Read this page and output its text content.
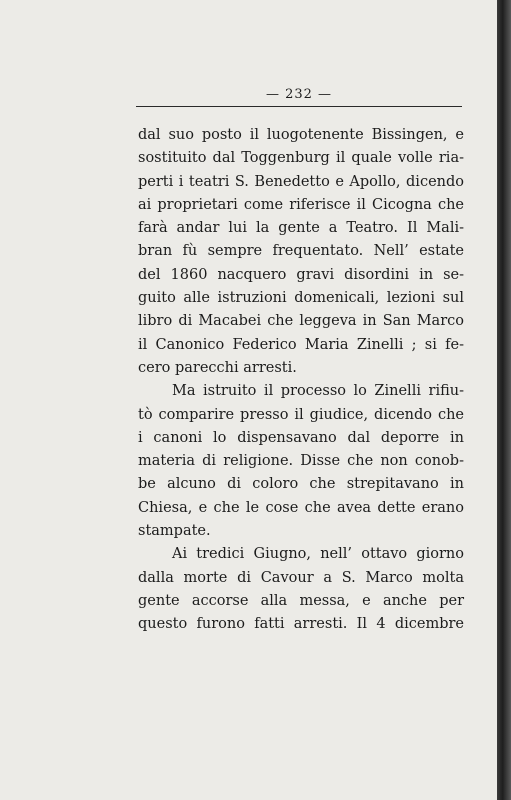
— 232 —
dal suo posto il luogotenente Bissingen, e
sostituito dal Toggenburg il quale volle ria-
perti i teatri S. Benedetto e Apollo, dicendo
ai proprietari come riferisce il Cicogna che
farà andar lui la gente a Teatro. Il Mali-
bran fù sempre frequentato. Nell’ estate
del 1860 nacquero gravi disordini in se-
guito alle istruzioni domenicali, lezioni sul
libro di Macabei che leggeva in San Marco
il Canonico Federico Maria Zinelli ; si fe-
cero parecchi arresti.
Ma istruito il processo lo Zinelli rifiu-
tò comparire presso il giudice, dicendo che
i canoni lo dispensavano dal deporre in
materia di religione. Disse che non conob-
be alcuno di coloro che strepitavano in
Chiesa, e che le cose che avea dette erano
stampate.
Ai tredici Giugno, nell’ ottavo giorno
dalla morte di Cavour a S. Marco molta
gente accorse alla messa, e anche per
questo furono fatti arresti. Il 4 dicembre
